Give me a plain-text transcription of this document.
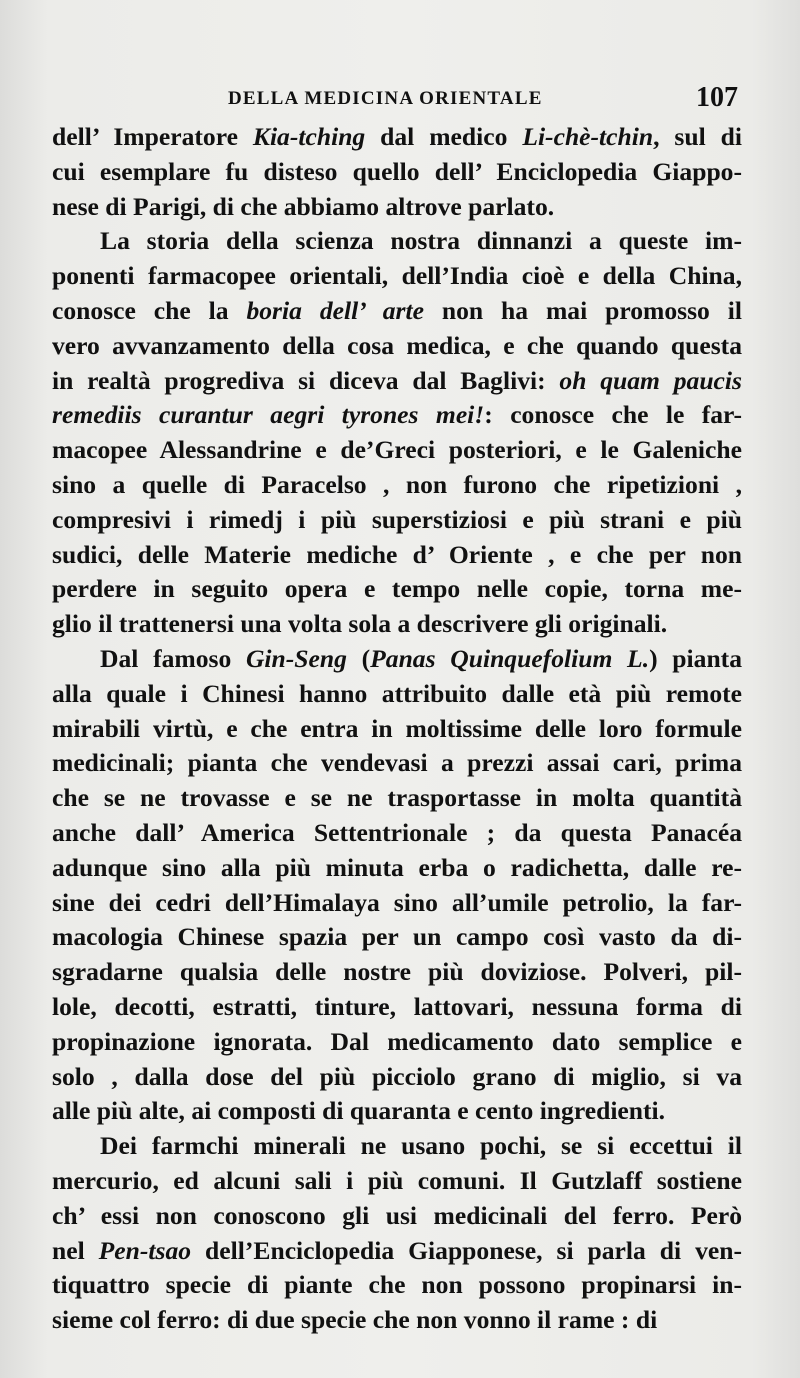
DELLA MEDICINA ORIENTALE	107
dell’ Imperatore Kia-tching dal medico Li-chè-tchin, sul di
cui esemplare fu disteso quello dell’ Enciclopedia Giappo-
nese di Parigi, di che abbiamo altrove parlato.
La storia della scienza nostra dinnanzi a queste im-
ponenti farmacopee orientali, dell’India cioè e della China,
conosce che la boria dell’ arte non ha mai promosso il
vero avvanzamento della cosa medica, e che quando questa
in realtà progrediva si diceva dal Baglivi: oh quam paucis
remediis curantur aegri tyrones mei!: conosce che le far-
macopee Alessandrine e de’Greci posteriori, e le Galeniche
sino a quelle di Paracelso , non furono che ripetizioni ,
compresivi i rimedj i più superstiziosi e più strani e più
sudici, delle Materie mediche d’ Oriente , e che per non
perdere in seguito opera e tempo nelle copie, torna me-
glio il trattenersi una volta sola a descrivere gli originali.
Dal famoso Gin-Seng (Panas Quinquefolium L.) pianta
alla quale i Chinesi hanno attribuito dalle età più remote
mirabili virtù, e che entra in moltissime delle loro formule
medicinali; pianta che vendevasi a prezzi assai cari, prima
che se ne trovasse e se ne trasportasse in molta quantità
anche dall’ America Settentrionale ; da questa Panacéa
adunque sino alla più minuta erba o radichetta, dalle re-
sine dei cedri dell’Himalaya sino all’umile petrolio, la far-
macologia Chinese spazia per un campo così vasto da di-
sgradarne qualsia delle nostre più doviziose. Polveri, pil-
lole, decotti, estratti, tinture, lattovari, nessuna forma di
propinazione ignorata. Dal medicamento dato semplice e
solo , dalla dose del più picciolo grano di miglio, si va
alle più alte, ai composti di quaranta e cento ingredienti.
Dei farmchi minerali ne usano pochi, se si eccettui il
mercurio, ed alcuni sali i più comuni. Il Gutzlaff sostiene
ch’ essi non conoscono gli usi medicinali del ferro. Però
nel Pen-tsao dell’Enciclopedia Giapponese, si parla di ven-
tiquattro specie di piante che non possono propinarsi in-
sieme col ferro: di due specie che non vonno il rame : di
